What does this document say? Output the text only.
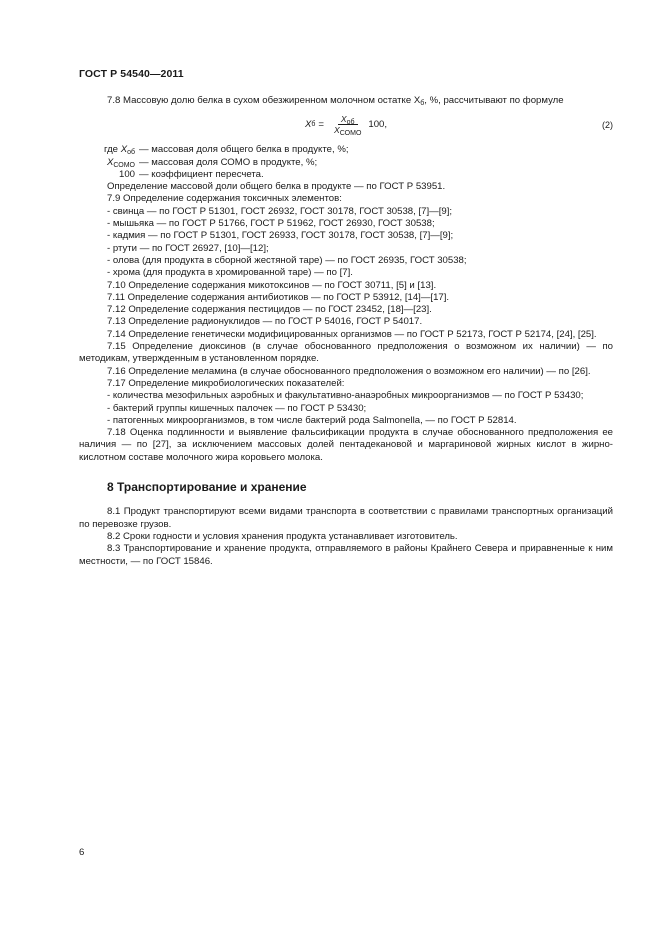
ГОСТ Р 54540—2011

7.8 Массовую долю белка в сухом обезжиренном молочном остатке $X_б$, %, рассчитывают по формуле

X $б = \frac{X_{об}}{X_{СОМО}} 100$,	(2)
где $X_{об}$ — массовая доля общего белка в продукте, %;
$X_{СОМО}$ — массовая доля СОМО в продукте, %;
100 — коэффициент пересчета.

Определение массовой доли общего белка в продукте — по ГОСТ Р 53951.

7.9 Определение содержания токсичных элементов:

- свинца — по ГОСТ Р 51301, ГОСТ 26932, ГОСТ 30178, ГОСТ 30538, [7]—[9];

- мышьяка — по ГОСТ Р 51766, ГОСТ Р 51962, ГОСТ 26930, ГОСТ 30538;

- кадмия — по ГОСТ Р 51301, ГОСТ 26933, ГОСТ 30178, ГОСТ 30538, [7]—[9];

- ртути — по ГОСТ 26927, [10]—[12];

- олова (для продукта в сборной жестяной таре) — по ГОСТ 26935, ГОСТ 30538;

- хрома (для продукта в хромированной таре) — по [7].

7.10 Определение содержания микотоксинов — по ГОСТ 30711, [5] и [13].

7.11 Определение содержания антибиотиков — по ГОСТ Р 53912, [14]—[17].

7.12 Определение содержания пестицидов — по ГОСТ 23452, [18]—[23].

7.13 Определение радионуклидов — по ГОСТ Р 54016, ГОСТ Р 54017.

7.14 Определение генетически модифицированных организмов — по ГОСТ Р 52173, ГОСТ Р 52174, [24], [25].

7.15 Определение диоксинов (в случае обоснованного предположения о возможном их наличии) — по методикам, утвержденным в установленном порядке.

7.16 Определение меламина (в случае обоснованного предположения о возможном его наличии) — по [26].

7.17 Определение микробиологических показателей:

- количества мезофильных аэробных и факультативно-анаэробных микроорганизмов — по ГОСТ Р 53430;

- бактерий группы кишечных палочек — по ГОСТ Р 53430;

- патогенных микроорганизмов, в том числе бактерий рода Salmonella, — по ГОСТ Р 52814.

7.18 Оценка подлинности и выявление фальсификации продукта в случае обоснованного предположения ее наличия — по [27], за исключением массовых долей пентадекановой и маргариновой жирных кислот в жирно-кислотном составе молочного жира коровьего молока.

8 Транспортирование и хранение

8.1 Продукт транспортируют всеми видами транспорта в соответствии с правилами транспортных организаций по перевозке грузов.

8.2 Сроки годности и условия хранения продукта устанавливает изготовитель.

8.3 Транспортирование и хранение продукта, отправляемого в районы Крайнего Севера и приравненные к ним местности, — по ГОСТ 15846.

6
